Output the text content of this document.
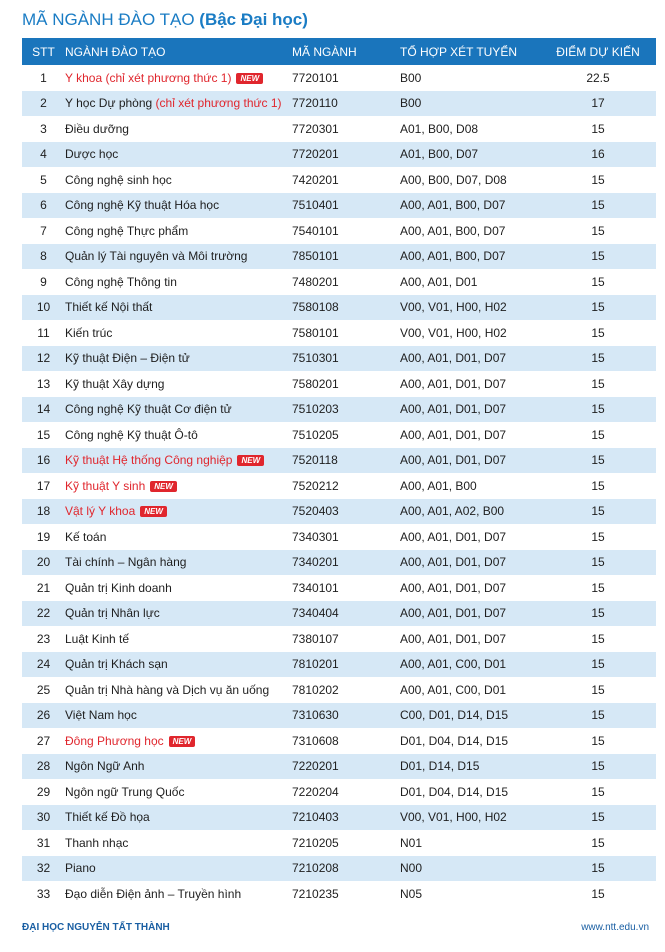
MÃ NGÀNH ĐÀO TẠO (Bậc Đại học)
STT	NGÀNH ĐÀO TẠO	MÃ NGÀNH	TỔ HỢP XÉT TUYỂN	ĐIỂM DỰ KIẾN
1	Y khoa (chỉ xét phương thức 1) NEW	7720101	B00	22.5
2	Y học Dự phòng (chỉ xét phương thức 1)	7720110	B00	17
3	Điều dưỡng	7720301	A01, B00, D08	15
4	Dược học	7720201	A01, B00, D07	16
5	Công nghệ sinh học	7420201	A00, B00, D07, D08	15
6	Công nghệ Kỹ thuật Hóa học	7510401	A00, A01, B00, D07	15
7	Công nghệ Thực phẩm	7540101	A00, A01, B00, D07	15
8	Quản lý Tài nguyên và Môi trường	7850101	A00, A01, B00, D07	15
9	Công nghệ Thông tin	7480201	A00, A01, D01	15
10	Thiết kế Nội thất	7580108	V00, V01, H00, H02	15
11	Kiến trúc	7580101	V00, V01, H00, H02	15
12	Kỹ thuật Điện – Điện tử	7510301	A00, A01, D01, D07	15
13	Kỹ thuật Xây dựng	7580201	A00, A01, D01, D07	15
14	Công nghệ Kỹ thuật Cơ điện tử	7510203	A00, A01, D01, D07	15
15	Công nghệ Kỹ thuật Ô-tô	7510205	A00, A01, D01, D07	15
16	Kỹ thuật Hệ thống Công nghiệp NEW	7520118	A00, A01, D01, D07	15
17	Kỹ thuật Y sinh NEW	7520212	A00, A01, B00	15
18	Vật lý Y khoa NEW	7520403	A00, A01, A02, B00	15
19	Kế toán	7340301	A00, A01, D01, D07	15
20	Tài chính – Ngân hàng	7340201	A00, A01, D01, D07	15
21	Quản trị Kinh doanh	7340101	A00, A01, D01, D07	15
22	Quản trị Nhân lực	7340404	A00, A01, D01, D07	15
23	Luật Kinh tế	7380107	A00, A01, D01, D07	15
24	Quản trị Khách sạn	7810201	A00, A01, C00, D01	15
25	Quản trị Nhà hàng và Dịch vụ ăn uống	7810202	A00, A01, C00, D01	15
26	Việt Nam học	7310630	C00, D01, D14, D15	15
27	Đông Phương học NEW	7310608	D01, D04, D14, D15	15
28	Ngôn Ngữ Anh	7220201	D01, D14, D15	15
29	Ngôn ngữ Trung Quốc	7220204	D01, D04, D14, D15	15
30	Thiết kế Đồ họa	7210403	V00, V01, H00, H02	15
31	Thanh nhạc	7210205	N01	15
32	Piano	7210208	N00	15
33	Đạo diễn Điện ảnh – Truyền hình	7210235	N05	15
ĐẠI HỌC NGUYỄN TẤT THÀNH	www.ntt.edu.vn
